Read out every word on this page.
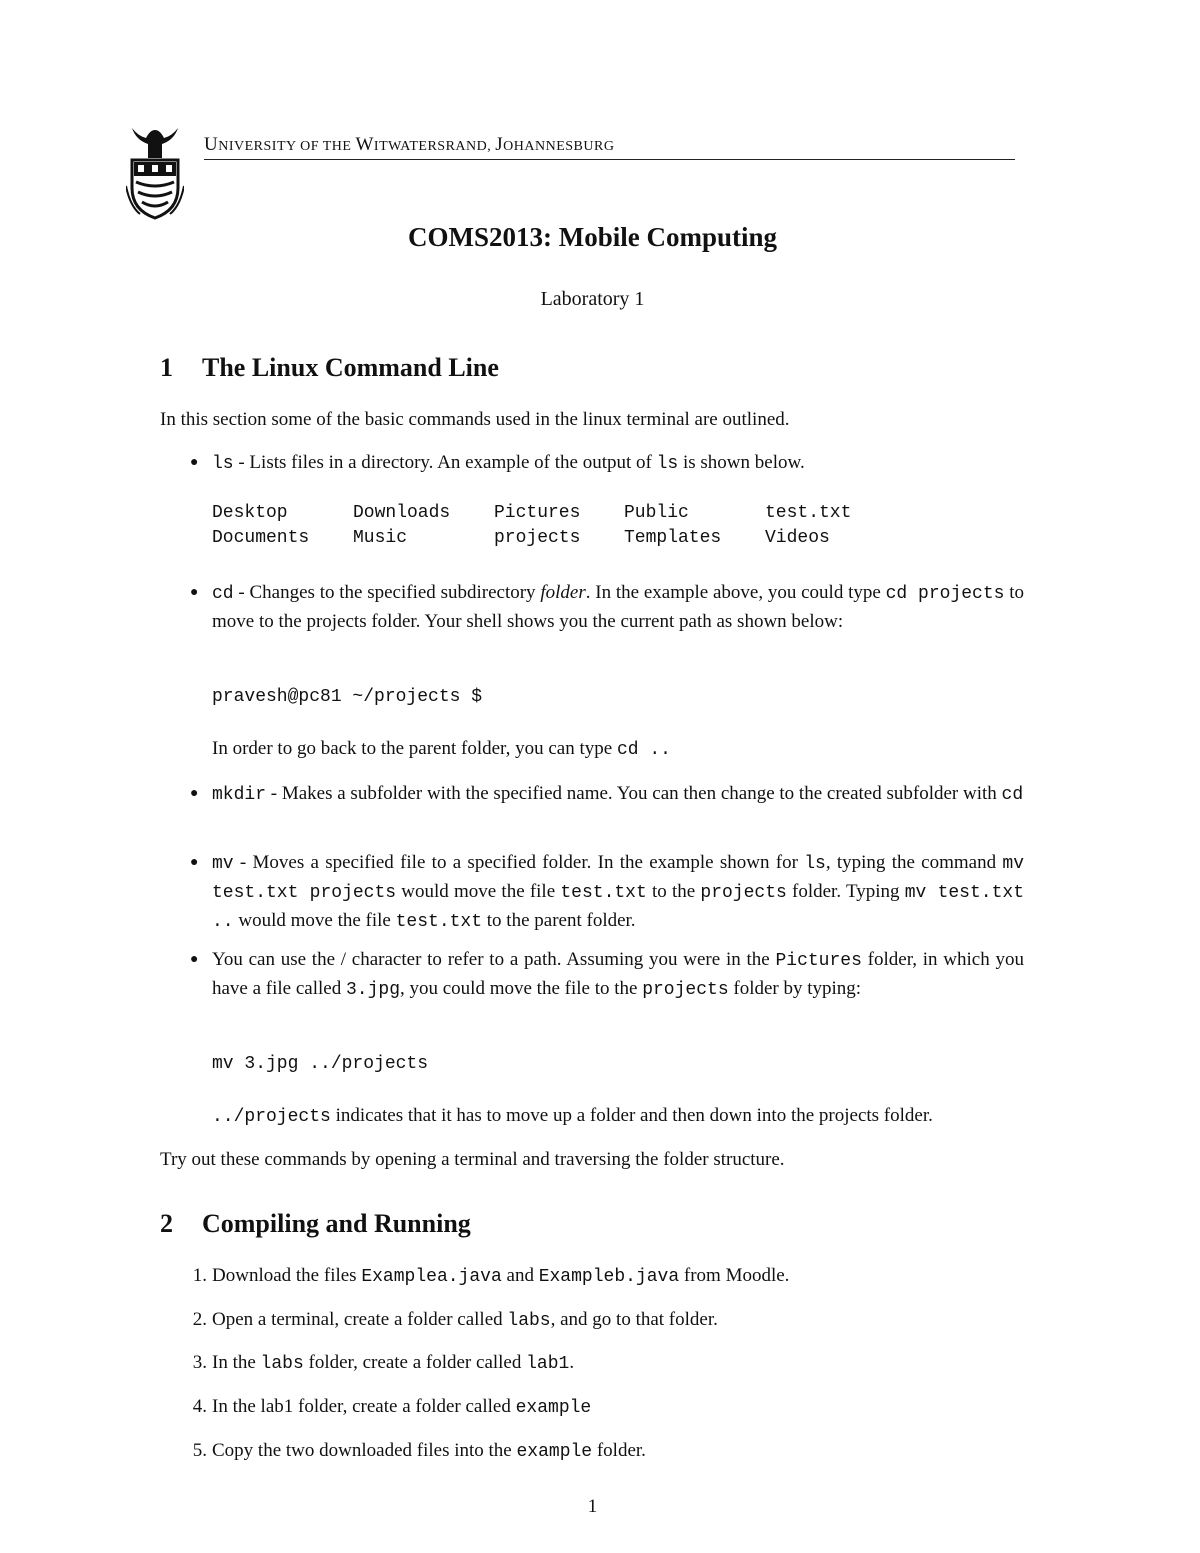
UNIVERSITY OF THE WITWATERSRAND, JOHANNESBURG
COMS2013: Mobile Computing
Laboratory 1
1 The Linux Command Line
In this section some of the basic commands used in the linux terminal are outlined.
● ls - Lists files in a directory. An example of the output of ls is shown below.
Desktop	Downloads	Pictures	Public	test.txt
Documents	Music	projects	Templates	Videos
● cd - Changes to the specified subdirectory folder. In the example above, you could type cd projects to move to the projects folder. Your shell shows you the current path as shown below:
pravesh@pc81 ~/projects $
In order to go back to the parent folder, you can type cd ..
● mkdir - Makes a subfolder with the specified name. You can then change to the created subfolder with cd
● mv - Moves a specified file to a specified folder. In the example shown for ls, typing the command mv test.txt projects would move the file test.txt to the projects folder. Typing mv test.txt .. would move the file test.txt to the parent folder.
● You can use the / character to refer to a path. Assuming you were in the Pictures folder, in which you have a file called 3.jpg, you could move the file to the projects folder by typing:
mv 3.jpg ../projects
../projects indicates that it has to move up a folder and then down into the projects folder.
Try out these commands by opening a terminal and traversing the folder structure.
2 Compiling and Running
1. Download the files Examplea.java and Exampleb.java from Moodle.
2. Open a terminal, create a folder called labs, and go to that folder.
3. In the labs folder, create a folder called lab1.
4. In the lab1 folder, create a folder called example
5. Copy the two downloaded files into the example folder.
1
